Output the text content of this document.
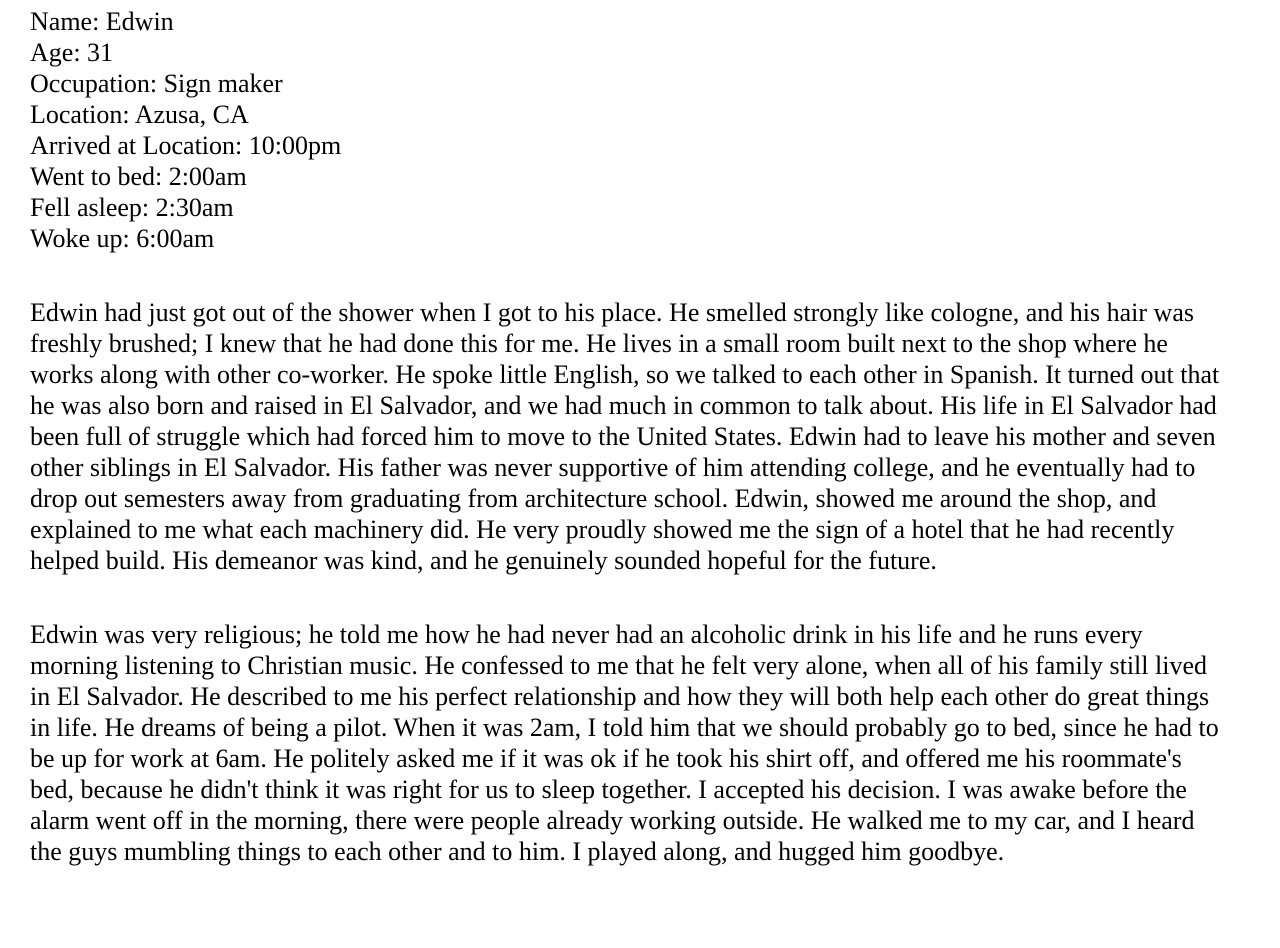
Name: Edwin
Age: 31
Occupation: Sign maker
Location: Azusa, CA
Arrived at Location: 10:00pm
Went to bed: 2:00am
Fell asleep: 2:30am
Woke up: 6:00am

Edwin had just got out of the shower when I got to his place. He smelled strongly like cologne, and his hair was freshly brushed; I knew that he had done this for me. He lives in a small room built next to the shop where he works along with other co-worker. He spoke little English, so we talked to each other in Spanish. It turned out that he was also born and raised in El Salvador, and we had much in common to talk about. His life in El Salvador had been full of struggle which had forced him to move to the United States. Edwin had to leave his mother and seven other siblings in El Salvador. His father was never supportive of him attending college, and he eventually had to drop out semesters away from graduating from architecture school. Edwin, showed me around the shop, and explained to me what each machinery did. He very proudly showed me the sign of a hotel that he had recently helped build. His demeanor was kind, and he genuinely sounded hopeful for the future.

Edwin was very religious; he told me how he had never had an alcoholic drink in his life and he runs every morning listening to Christian music. He confessed to me that he felt very alone, when all of his family still lived in El Salvador. He described to me his perfect relationship and how they will both help each other do great things in life. He dreams of being a pilot. When it was 2am, I told him that we should probably go to bed, since he had to be up for work at 6am. He politely asked me if it was ok if he took his shirt off, and offered me his roommate's bed, because he didn't think it was right for us to sleep together. I accepted his decision. I was awake before the alarm went off in the morning, there were people already working outside. He walked me to my car, and I heard the guys mumbling things to each other and to him. I played along, and hugged him goodbye.
